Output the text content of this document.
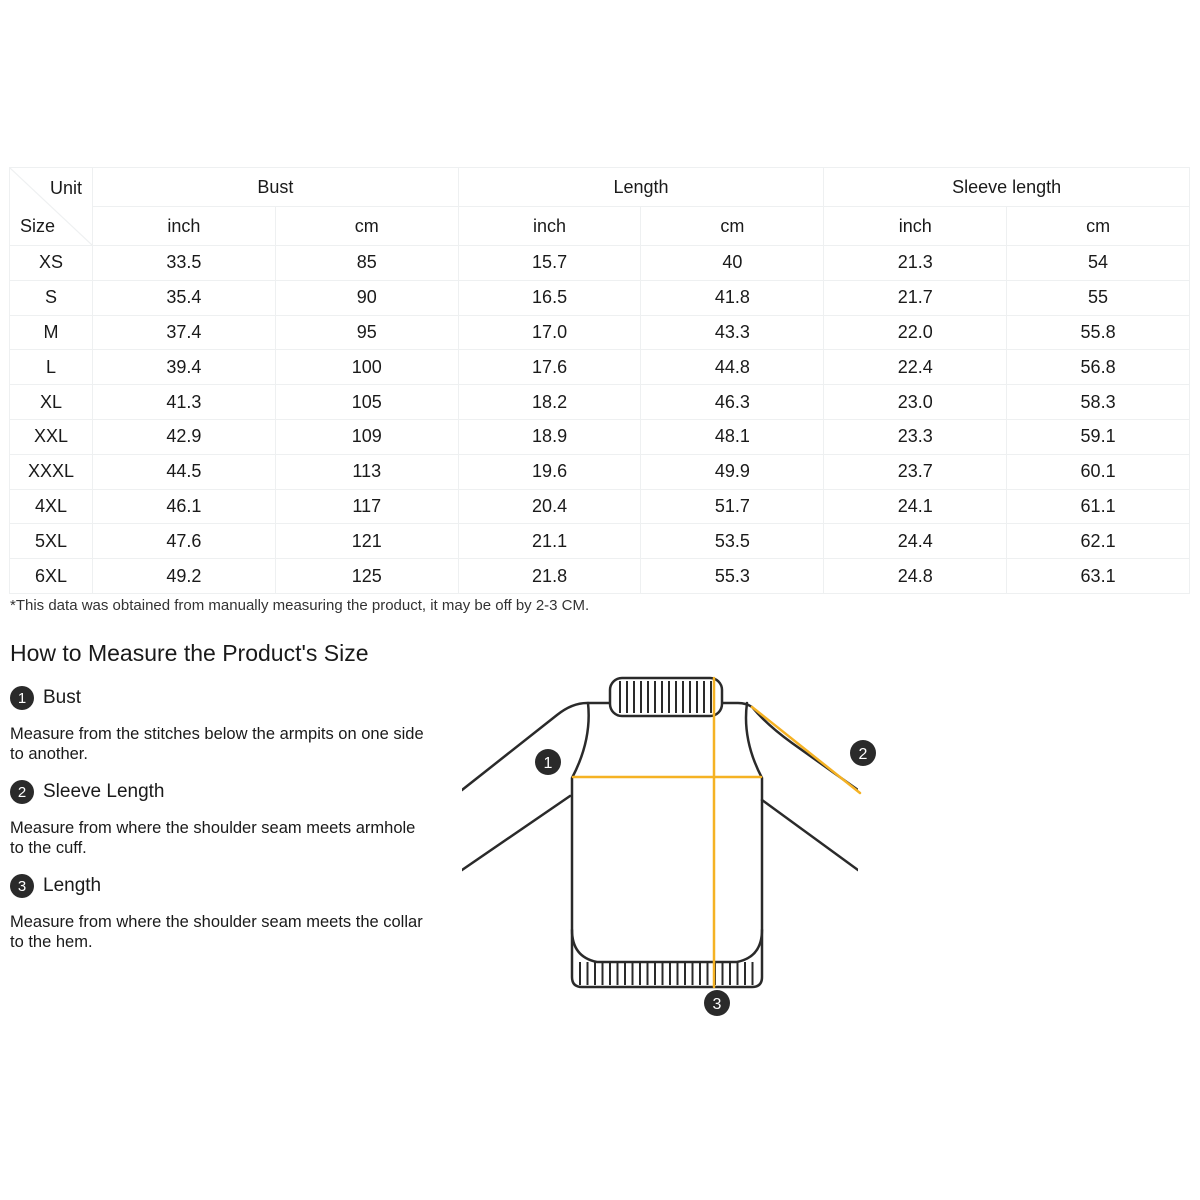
Unit
Size	Bust		Length		Sleeve length	
	inch	cm	inch	cm	inch	cm
XS	33.5	85	15.7	40	21.3	54
S	35.4	90	16.5	41.8	21.7	55
M	37.4	95	17.0	43.3	22.0	55.8
L	39.4	100	17.6	44.8	22.4	56.8
XL	41.3	105	18.2	46.3	23.0	58.3
XXL	42.9	109	18.9	48.1	23.3	59.1
XXXL	44.5	113	19.6	49.9	23.7	60.1
4XL	46.1	117	20.4	51.7	24.1	61.1
5XL	47.6	121	21.1	53.5	24.4	62.1
6XL	49.2	125	21.8	55.3	24.8	63.1
*This data was obtained from manually measuring the product, it may be off by 2-3 CM.
How to Measure the Product's Size
1 Bust
Measure from the stitches below the armpits on one side to another.
2 Sleeve Length
Measure from where the shoulder seam meets armhole to the cuff.
3 Length
Measure from where the shoulder seam meets the collar to the hem.
1
2
3
